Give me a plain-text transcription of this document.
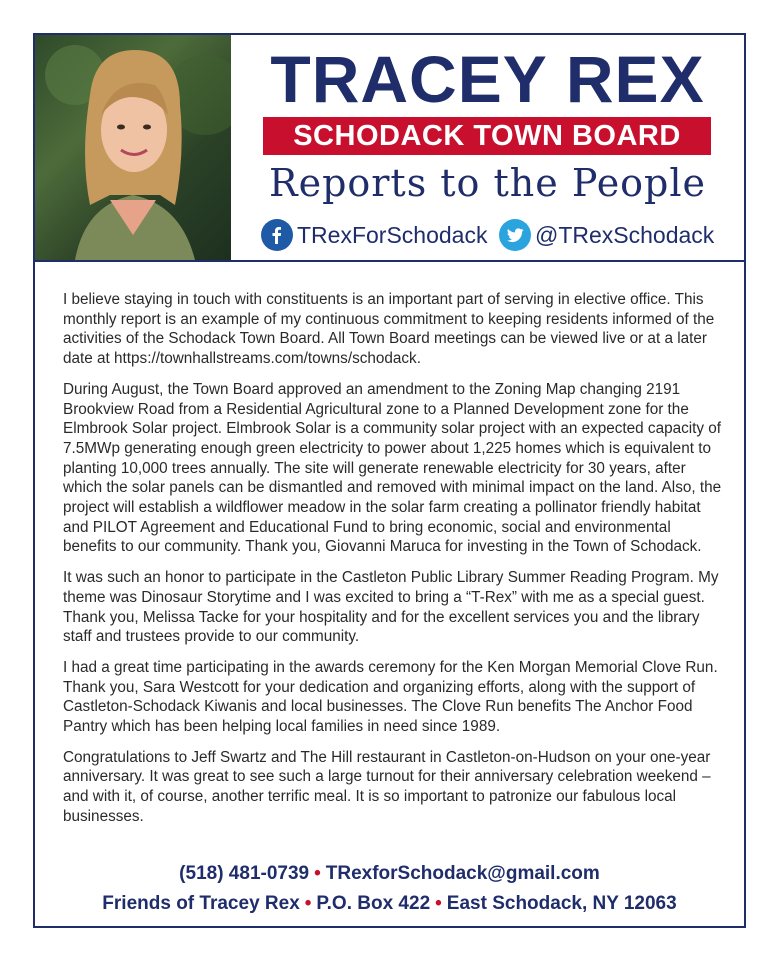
TRACEY REX
SCHODACK TOWN BOARD
Reports to the People
TRexForSchodack @TRexSchodack

I believe staying in touch with constituents is an important part of serving in elective office. This monthly report is an example of my continuous commitment to keeping residents informed of the activities of the Schodack Town Board. All Town Board meetings can be viewed live or at a later date at https://townhallstreams.com/towns/schodack.

During August, the Town Board approved an amendment to the Zoning Map changing 2191 Brookview Road from a Residential Agricultural zone to a Planned Development zone for the Elmbrook Solar project. Elmbrook Solar is a community solar project with an expected capacity of 7.5MWp generating enough green electricity to power about 1,225 homes which is equivalent to planting 10,000 trees annually. The site will generate renewable electricity for 30 years, after which the solar panels can be dismantled and removed with minimal impact on the land. Also, the project will establish a wildflower meadow in the solar farm creating a pollinator friendly habitat and PILOT Agreement and Educational Fund to bring economic, social and environmental benefits to our community. Thank you, Giovanni Maruca for investing in the Town of Schodack.

It was such an honor to participate in the Castleton Public Library Summer Reading Program. My theme was Dinosaur Storytime and I was excited to bring a “T-Rex” with me as a special guest. Thank you, Melissa Tacke for your hospitality and for the excellent services you and the library staff and trustees provide to our community.

I had a great time participating in the awards ceremony for the Ken Morgan Memorial Clove Run. Thank you, Sara Westcott for your dedication and organizing efforts, along with the support of Castleton-Schodack Kiwanis and local businesses. The Clove Run benefits The Anchor Food Pantry which has been helping local families in need since 1989.

Congratulations to Jeff Swartz and The Hill restaurant in Castleton-on-Hudson on your one-year anniversary. It was great to see such a large turnout for their anniversary celebration weekend – and with it, of course, another terrific meal. It is so important to patronize our fabulous local businesses.

(518) 481-0739 • TRexforSchodack@gmail.com
Friends of Tracey Rex • P.O. Box 422 • East Schodack, NY 12063
